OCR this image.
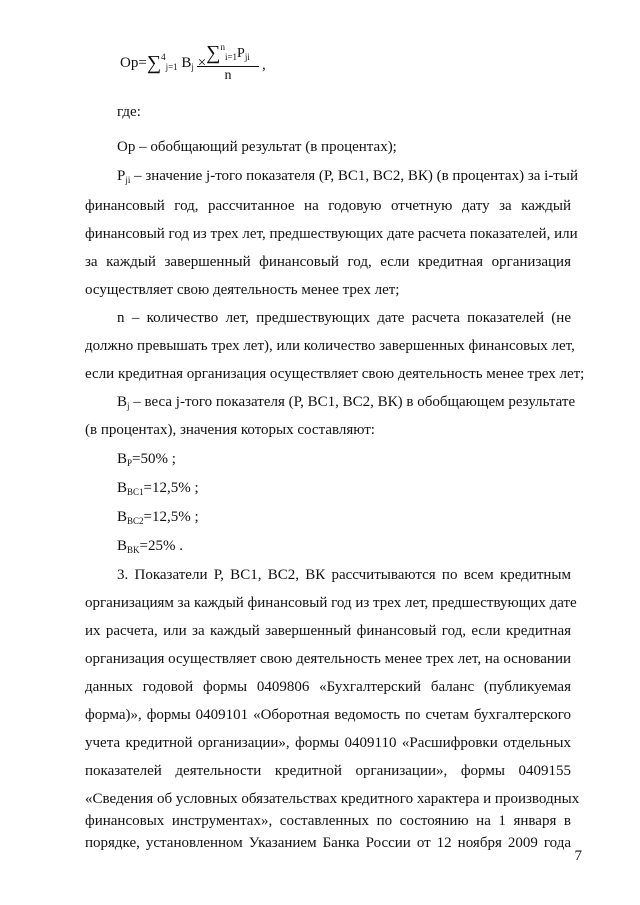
Ор=∑$^4_{j=1}$ $B_j \times \sum^n_{i=1}P_{ji}$
n
,
где:
Ор – обобщающий результат (в процентах);
$P_{ji}$ – значение j-того показателя (Р, ВС1, ВС2, ВК) (в процентах) за i-тый
финансовый год, рассчитанное на годовую отчетную дату за каждый
финансовый год из трех лет, предшествующих дате расчета показателей, или
за каждый завершенный финансовый год, если кредитная организация
осуществляет свою деятельность менее трех лет;
n – количество лет, предшествующих дате расчета показателей (не
должно превышать трех лет), или количество завершенных финансовых лет,
если кредитная организация осуществляет свою деятельность менее трех лет;
$B_j$ – веса j-того показателя (Р, ВС1, ВС2, ВК) в обобщающем результате
(в процентах), значения которых составляют:
$B_P=50\%$ ;
$B_{BC1}=12,5\%$ ;
$B_{BC2}=12,5\%$ ;
$B_{BK}=25\%$ .
3. Показатели Р, ВС1, ВС2, ВК рассчитываются по всем кредитным
организациям за каждый финансовый год из трех лет, предшествующих дате
их расчета, или за каждый завершенный финансовый год, если кредитная
организация осуществляет свою деятельность менее трех лет, на основании
данных годовой формы 0409806 «Бухгалтерский баланс (публикуемая
форма)», формы 0409101 «Оборотная ведомость по счетам бухгалтерского
учета кредитной организации», формы 0409110 «Расшифровки отдельных
показателей деятельности кредитной организации», формы 0409155
«Сведения об условных обязательствах кредитного характера и производных
финансовых инструментах», составленных по состоянию на 1 января в
порядке, установленном Указанием Банка России от 12 ноября 2009 года
7
